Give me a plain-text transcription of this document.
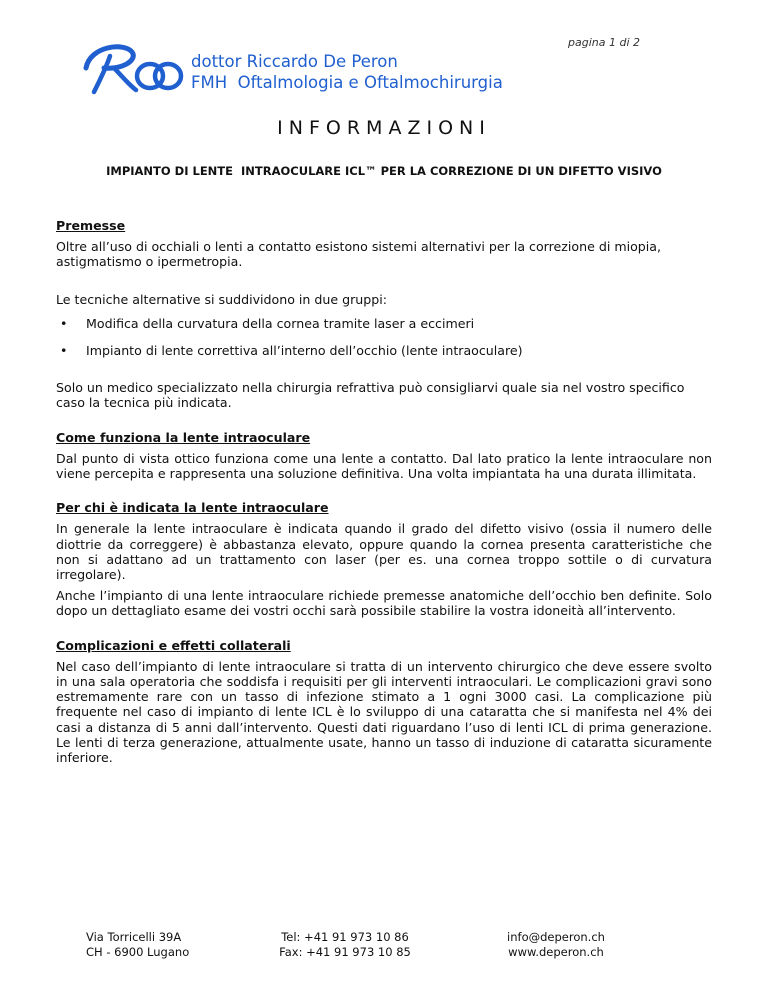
pagina 1 di 2
dottor Riccardo De Peron
FMH  Oftalmologia e Oftalmochirurgia
INFORMAZIONI
IMPIANTO DI LENTE  INTRAOCULARE ICL™ PER LA CORREZIONE DI UN DIFETTO VISIVO
Premesse

Oltre all’uso di occhiali o lenti a contatto esistono sistemi alternativi per la correzione di miopia, astigmatismo o ipermetropia.

Le tecniche alternative si suddividono in due gruppi:

• Modifica della curvatura della cornea tramite laser a eccimeri
• Impianto di lente correttiva all’interno dell’occhio (lente intraoculare)

Solo un medico specializzato nella chirurgia refrattiva può consigliarvi quale sia nel vostro specifico caso la tecnica più indicata.

Come funziona la lente intraoculare

Dal punto di vista ottico funziona come una lente a contatto. Dal lato pratico la lente intraoculare non viene percepita e rappresenta una soluzione definitiva. Una volta impiantata ha una durata illimitata.

Per chi è indicata la lente intraoculare

In generale la lente intraoculare è indicata quando il grado del difetto visivo (ossia il numero delle diottrie da correggere) è abbastanza elevato, oppure quando la cornea presenta caratteristiche che non si adattano ad un trattamento con laser (per es. una cornea troppo sottile o di curvatura irregolare).

Anche l’impianto di una lente intraoculare richiede premesse anatomiche dell’occhio ben definite. Solo dopo un dettagliato esame dei vostri occhi sarà possibile stabilire la vostra idoneità all’intervento.

Complicazioni e effetti collaterali

Nel caso dell’impianto di lente intraoculare si tratta di un intervento chirurgico che deve essere svolto in una sala operatoria che soddisfa i requisiti per gli interventi intraoculari. Le complicazioni gravi sono estremamente rare con un tasso di infezione stimato a 1 ogni 3000 casi. La complicazione più frequente nel caso di impianto di lente ICL è lo sviluppo di una cataratta che si manifesta nel 4% dei casi a distanza di 5 anni dall’intervento. Questi dati riguardano l’uso di lenti ICL di prima generazione. Le lenti di terza generazione, attualmente usate, hanno un tasso di induzione di cataratta sicuramente inferiore.

Via Torricelli 39A
CH - 6900 Lugano
Tel: +41 91 973 10 86
Fax: +41 91 973 10 85
info@deperon.ch
www.deperon.ch
